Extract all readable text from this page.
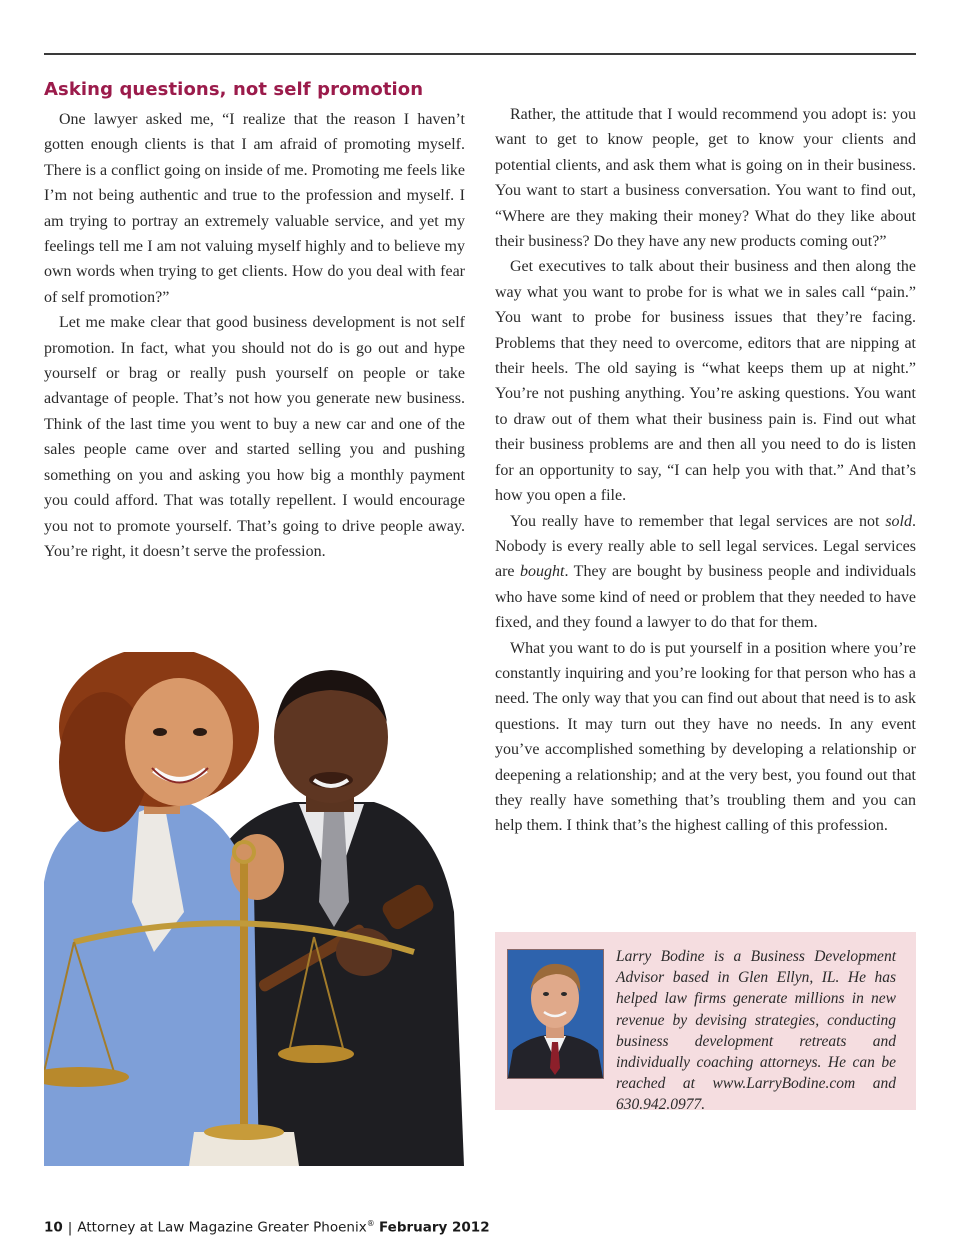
Asking questions, not self promotion

One lawyer asked me, “I realize that the reason I haven’t gotten enough clients is that I am afraid of promoting myself. There is a conflict going on inside of me. Promoting me feels like I’m not being authentic and true to the profession and myself. I am trying to portray an extremely valuable service, and yet my feelings tell me I am not valuing myself highly and to believe my own words when trying to get clients. How do you deal with fear of self promotion?”

Let me make clear that good business development is not self promotion. In fact, what you should not do is go out and hype yourself or brag or really push yourself on people or take advantage of people. That’s not how you generate new business. Think of the last time you went to buy a new car and one of the sales people came over and started selling you and pushing something on you and asking you how big a monthly payment you could afford. That was totally repellent. I would encourage you not to promote yourself. That’s going to drive people away. You’re right, it doesn’t serve the profession.

Rather, the attitude that I would recommend you adopt is: you want to get to know people, get to know your clients and potential clients, and ask them what is going on in their business. You want to start a business conversation. You want to find out, “Where are they making their money? What do they like about their business? Do they have any new products coming out?”

Get executives to talk about their business and then along the way what you want to probe for is what we in sales call “pain.” You want to probe for business issues that they’re facing. Problems that they need to overcome, editors that are nipping at their heels. The old saying is “what keeps them up at night.” You’re not pushing anything. You’re asking questions. You want to draw out of them what their business pain is. Find out what their business problems are and then all you need to do is listen for an opportunity to say, “I can help you with that.” And that’s how you open a file.

You really have to remember that legal services are not sold. Nobody is every really able to sell legal services. Legal services are bought. They are bought by business people and individuals who have some kind of need or problem that they needed to have fixed, and they found a lawyer to do that for them.

What you want to do is put yourself in a position where you’re constantly inquiring and you’re looking for that person who has a need. The only way that you can find out about that need is to ask questions. It may turn out they have no needs. In any event you’ve accomplished something by developing a relationship or deepening a relationship; and at the very best, you found out that they really have something that’s troubling them and you can help them. I think that’s the highest calling of this profession.

Larry Bodine is a Business Development Advisor based in Glen Ellyn, IL. He has helped law firms generate millions in new revenue by devising strategies, conducting business development retreats and individually coaching attorneys. He can be reached at www.LarryBodine.com and 630.942.0977.
10 | Attorney at Law Magazine Greater Phoenix® February 2012
